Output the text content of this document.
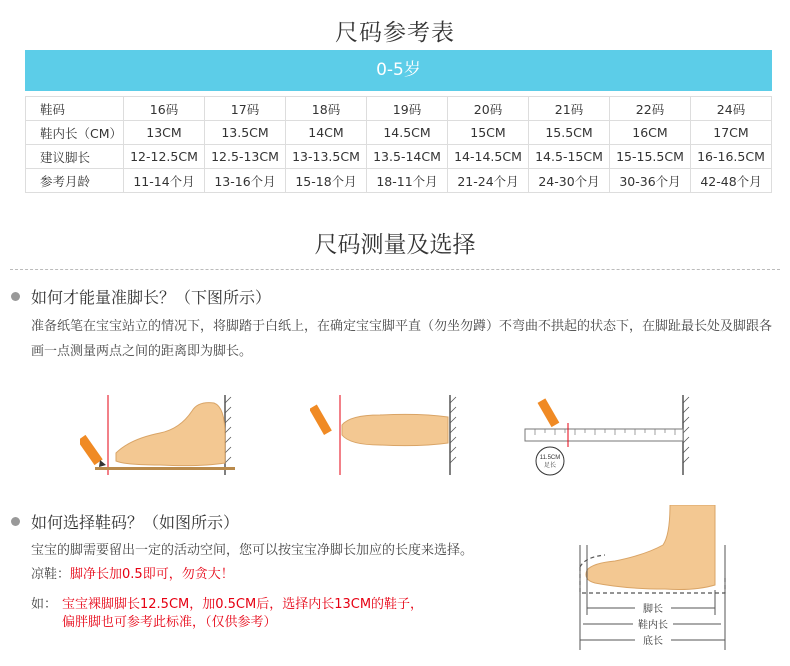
尺码参考表
0-5岁
鞋码	16码	17码	18码	19码	20码	21码	22码	24码
鞋内长（CM）	13CM	13.5CM	14CM	14.5CM	15CM	15.5CM	16CM	17CM
建议脚长	12-12.5CM	12.5-13CM	13-13.5CM	13.5-14CM	14-14.5CM	14.5-15CM	15-15.5CM	16-16.5CM
参考月龄	11-14个月	13-16个月	15-18个月	18-11个月	21-24个月	24-30个月	30-36个月	42-48个月
尺码测量及选择
如何才能量准脚长？（下图所示）
准备纸笔在宝宝站立的情况下，将脚踏于白纸上，在确定宝宝脚平直（勿坐勿蹲）不弯曲不拱起的状态下，在脚趾最长处及脚跟各画一点测量两点之间的距离即为脚长。
11.5CM
足长
如何选择鞋码？（如图所示）
宝宝的脚需要留出一定的活动空间，您可以按宝宝净脚长加应的长度来选择。
凉鞋：脚净长加0.5即可，勿贪大！
如： 宝宝裸脚脚长12.5CM，加0.5CM后，选择内长13CM的鞋子，
偏胖脚也可参考此标准，（仅供参考）
脚长
鞋内长
底长
